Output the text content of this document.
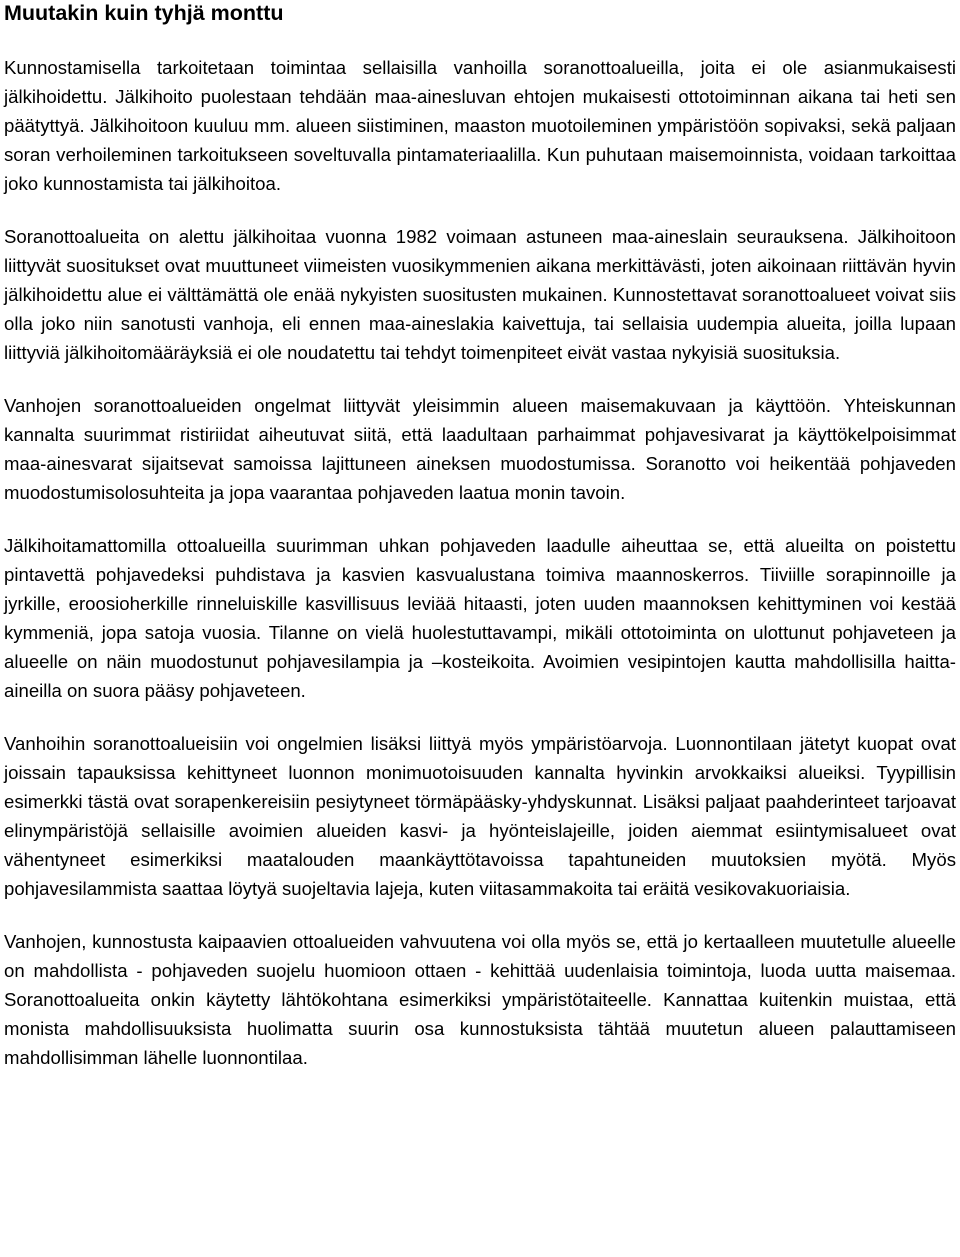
Muutakin kuin tyhjä monttu

Kunnostamisella tarkoitetaan toimintaa sellaisilla vanhoilla soranottoalueilla, joita ei ole asianmukaisesti jälkihoidettu. Jälkihoito puolestaan tehdään maa-ainesluvan ehtojen mukaisesti ottotoiminnan aikana tai heti sen päätyttyä. Jälkihoitoon kuuluu mm. alueen siistiminen, maaston muotoileminen ympäristöön sopivaksi, sekä paljaan soran verhoileminen tarkoitukseen soveltuvalla pintamateriaalilla. Kun puhutaan maisemoinnista, voidaan tarkoittaa joko kunnostamista tai jälkihoitoa.

Soranottoalueita on alettu jälkihoitaa vuonna 1982 voimaan astuneen maa-aineslain seurauksena. Jälkihoitoon liittyvät suositukset ovat muuttuneet viimeisten vuosikymmenien aikana merkittävästi, joten aikoinaan riittävän hyvin jälkihoidettu alue ei välttämättä ole enää nykyisten suositusten mukainen. Kunnostettavat soranottoalueet voivat siis olla joko niin sanotusti vanhoja, eli ennen maa-aineslakia kaivettuja, tai sellaisia uudempia alueita, joilla lupaan liittyviä jälkihoitomääräyksiä ei ole noudatettu tai tehdyt toimenpiteet eivät vastaa nykyisiä suosituksia.

Vanhojen soranottoalueiden ongelmat liittyvät yleisimmin alueen maisemakuvaan ja käyttöön. Yhteiskunnan kannalta suurimmat ristiriidat aiheutuvat siitä, että laadultaan parhaimmat pohjavesivarat ja käyttökelpoisimmat maa-ainesvarat sijaitsevat samoissa lajittuneen aineksen muodostumissa. Soranotto voi heikentää pohjaveden muodostumisolosuhteita ja jopa vaarantaa pohjaveden laatua monin tavoin.

Jälkihoitamattomilla ottoalueilla suurimman uhkan pohjaveden laadulle aiheuttaa se, että alueilta on poistettu pintavettä pohjavedeksi puhdistava ja kasvien kasvualustana toimiva maannoskerros. Tiiviille sorapinnoille ja jyrkille, eroosioherkille rinneluiskille kasvillisuus leviää hitaasti, joten uuden maannoksen kehittyminen voi kestää kymmeniä, jopa satoja vuosia. Tilanne on vielä huolestuttavampi, mikäli ottotoiminta on ulottunut pohjaveteen ja alueelle on näin muodostunut pohjavesilampia ja –kosteikoita. Avoimien vesipintojen kautta mahdollisilla haitta-aineilla on suora pääsy pohjaveteen.

Vanhoihin soranottoalueisiin voi ongelmien lisäksi liittyä myös ympäristöarvoja. Luonnontilaan jätetyt kuopat ovat joissain tapauksissa kehittyneet luonnon monimuotoisuuden kannalta hyvinkin arvokkaiksi alueiksi. Tyypillisin esimerkki tästä ovat sorapenkereisiin pesiytyneet törmäpääsky-yhdyskunnat. Lisäksi paljaat paahderinteet tarjoavat elinympäristöjä sellaisille avoimien alueiden kasvi- ja hyönteislajeille, joiden aiemmat esiintymisalueet ovat vähentyneet esimerkiksi maatalouden maankäyttötavoissa tapahtuneiden muutoksien myötä. Myös pohjavesilammista saattaa löytyä suojeltavia lajeja, kuten viitasammakoita tai eräitä vesikovakuoriaisia.

Vanhojen, kunnostusta kaipaavien ottoalueiden vahvuutena voi olla myös se, että jo kertaalleen muutetulle alueelle on mahdollista - pohjaveden suojelu huomioon ottaen - kehittää uudenlaisia toimintoja, luoda uutta maisemaa. Soranottoalueita onkin käytetty lähtökohtana esimerkiksi ympäristötaiteelle. Kannattaa kuitenkin muistaa, että monista mahdollisuuksista huolimatta suurin osa kunnostuksista tähtää muutetun alueen palauttamiseen mahdollisimman lähelle luonnontilaa.
